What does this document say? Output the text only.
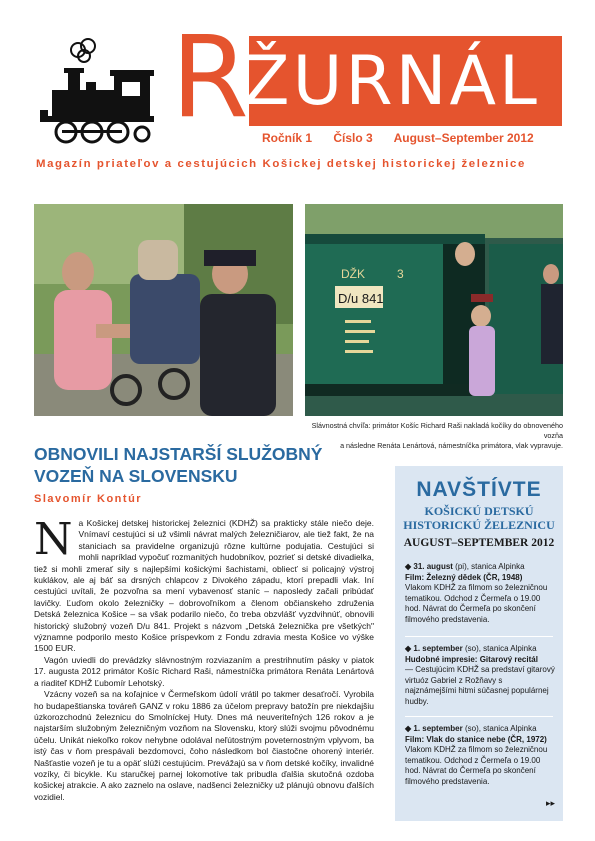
R
ŽURNÁL
Ročník 1 Číslo 3 August–September 2012
Magazín priateľov a cestujúcich Košickej detskej historickej železnice
DŽK	3
D/u 841
Slávnostná chvíľa: primátor Košíc Richard Raši nakladá kočíky do obnoveného vozňa
a následne Renáta Lenártová, námestníčka primátora, vlak vypravuje.
OBNOVILI NAJSTARŠÍ SLUŽOBNÝ VOZEŇ NA SLOVENSKU
Slavomír Kontúr

Na Košickej detskej historickej železnici (KDHŽ) sa prakticky stále niečo deje. Vnímaví cestujúci si už všimli návrat malých železničiarov, ale tiež fakt, že na staniciach sa pravidelne organizujú rôzne kultúrne podujatia. Cestujúci si mohli napríklad vypočuť rozmanitých hudobníkov, pozrieť si detské divadielka, tiež si mohli zmerať sily s najlepšími košickými šachistami, obliecť si policajný výstroj kuklákov, ale aj báť sa drsných chlapcov z Divokého západu, ktorí prepadli vlak. Iní cestujúci uvítali, že pozvoľna sa mení vybavenosť staníc – naposledy začali pribúdať lavičky. Ľuďom okolo železničky – dobrovoľníkom a členom občianskeho združenia Detská železnica Košice – sa však podarilo niečo, čo treba obzvlášť vyzdvihnúť, obnovili historický služobný vozeň D/u 841. Projekt s názvom „Detská železnička pre všetkých" významne podporilo mesto Košice príspevkom z Fondu zdravia mesta Košice vo výške 1500 EUR.

Vagón uviedli do prevádzky slávnostným rozviazaním a prestrihnutím pásky v piatok 17. augusta 2012 primátor Košíc Richard Raši, námestníčka primátora Renáta Lenártová a riaditeľ KDHŽ Ľubomír Lehotský.

Vzácny vozeň sa na koľajnice v Čermeľskom údolí vrátil po takmer desaťročí. Vyrobila ho budapeštianska továreň GANZ v roku 1886 za účelom prepravy batožín pre niekdajšiu úzkorozchodnú železnicu do Smolníckej Huty. Dnes má neuveriteľných 126 rokov a je najstarším služobným železničným vozňom na Slovensku, ktorý slúži svojmu pôvodnému účelu. Unikát niekoľko rokov nehybne odolával neľútostným poveternostným vplyvom, ba istý čas v ňom prespávali bezdomovci, čoho následkom bol čiastočne ohorený interiér. Našťastie vozeň je tu a opäť slúži cestujúcim. Prevážajú sa v ňom detské kočíky, invalidné vozíky, či bicykle. Ku staručkej parnej lokomotíve tak pribudla ďalšia skutočná ozdoba košickej atrakcie. A ako zaznelo na oslave, nadšenci železničky už plánujú obnovu ďalších vozidiel.

NAVŠTÍVTE
KOŠICKÚ DETSKÚ
HISTORICKÚ ŽELEZNICU
AUGUST–SEPTEMBER 2012
◆ 31. august (pi), stanica Alpinka
Film: Železný dědek (ČR, 1948)
Vlakom KDHŽ za filmom so železničnou tematikou. Odchod z Čermeľa o 19.00 hod. Návrat do Čermeľa po skončení filmového predstavenia.
◆ 1. september (so), stanica Alpinka
Hudobné impresie: Gitarový recitál
— Cestujúcim KDHŽ sa predstaví gitarový virtuóz Gabriel z Rožňavy s najznámejšími hitmi súčasnej populárnej hudby.
◆ 1. september (so), stanica Alpinka
Film: Vlak do stanice nebe (ČR, 1972)
Vlakom KDHŽ za filmom so železničnou tematikou. Odchod z Čermeľa o 19.00 hod. Návrat do Čermeľa po skončení filmového predstavenia.
▸▸
